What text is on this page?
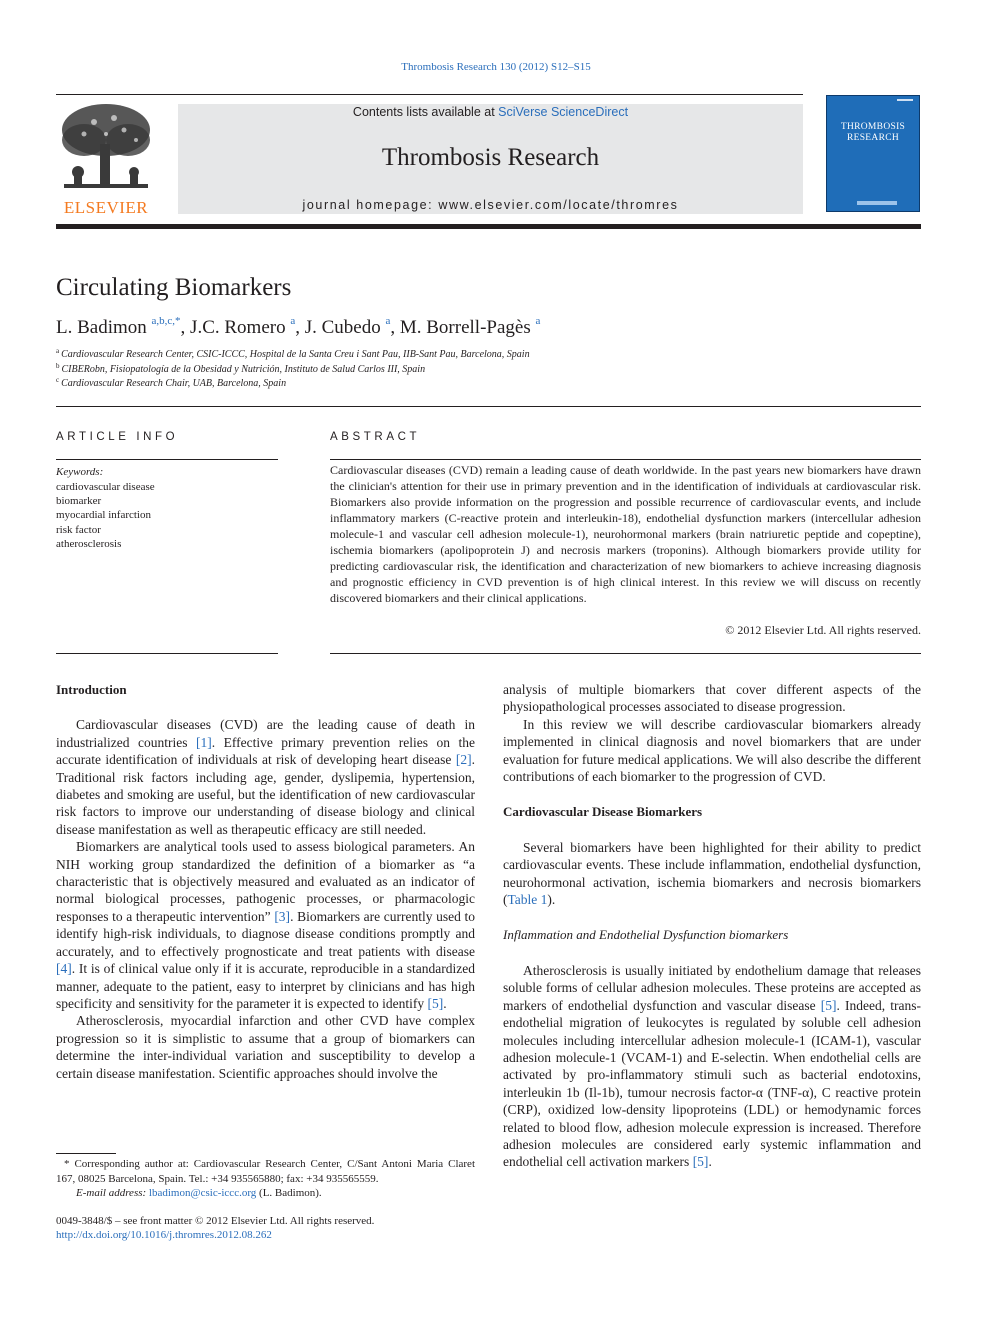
Thrombosis Research 130 (2012) S12–S15
ELSEVIER
Contents lists available at SciVerse ScienceDirect
Thrombosis Research
journal homepage: www.elsevier.com/locate/thromres
THROMBOSIS RESEARCH
Circulating Biomarkers
L. Badimon $^{a,b,c,*}$, J.C. Romero $^a$, J. Cubedo $^a$, M. Borrell-Pagès $^a$
$^a$ Cardiovascular Research Center, CSIC-ICCC, Hospital de la Santa Creu i Sant Pau, IIB-Sant Pau, Barcelona, Spain
$^b$ CIBERobn, Fisiopatología de la Obesidad y Nutrición, Instituto de Salud Carlos III, Spain
$^c$ Cardiovascular Research Chair, UAB, Barcelona, Spain
ARTICLE INFO
Keywords:
cardiovascular disease
biomarker
myocardial infarction
risk factor
atherosclerosis
ABSTRACT
Cardiovascular diseases (CVD) remain a leading cause of death worldwide. In the past years new biomarkers have drawn the clinician's attention for their use in primary prevention and in the identification of individuals at cardiovascular risk. Biomarkers also provide information on the progression and possible recurrence of cardiovascular events, and include inflammatory markers (C-reactive protein and interleukin-18), endothelial dysfunction markers (intercellular adhesion molecule-1 and vascular cell adhesion molecule-1), neurohormonal markers (brain natriuretic peptide and copeptine), ischemia biomarkers (apolipoprotein J) and necrosis markers (troponins). Although biomarkers provide utility for predicting cardiovascular risk, the identification and characterization of new biomarkers to achieve increasing diagnosis and prognostic efficiency in CVD prevention is of high clinical interest. In this review we will discuss on recently discovered biomarkers and their clinical applications.
© 2012 Elsevier Ltd. All rights reserved.

Introduction

Cardiovascular diseases (CVD) are the leading cause of death in industrialized countries [1]. Effective primary prevention relies on the accurate identification of individuals at risk of developing heart disease [2]. Traditional risk factors including age, gender, dyslipemia, hypertension, diabetes and smoking are useful, but the identification of new cardiovascular risk factors to improve our understanding of disease biology and clinical disease manifestation as well as therapeutic efficacy are still needed.

Biomarkers are analytical tools used to assess biological parameters. An NIH working group standardized the definition of a biomarker as “a characteristic that is objectively measured and evaluated as an indicator of normal biological processes, pathogenic processes, or pharmacologic responses to a therapeutic intervention” [3]. Biomarkers are currently used to identify high-risk individuals, to diagnose disease conditions promptly and accurately, and to effectively prognosticate and treat patients with disease [4]. It is of clinical value only if it is accurate, reproducible in a standardized manner, adequate to the patient, easy to interpret by clinicians and has high specificity and sensitivity for the parameter it is expected to identify [5].

Atherosclerosis, myocardial infarction and other CVD have complex progression so it is simplistic to assume that a group of biomarkers can determine the inter-individual variation and susceptibility to develop a certain disease manifestation. Scientific approaches should involve the

* Corresponding author at: Cardiovascular Research Center, C/Sant Antoni Maria Claret 167, 08025 Barcelona, Spain. Tel.: +34 935565880; fax: +34 935565559.
E-mail address: lbadimon@csic-iccc.org (L. Badimon).
0049-3848/$ – see front matter © 2012 Elsevier Ltd. All rights reserved.
http://dx.doi.org/10.1016/j.thromres.2012.08.262

analysis of multiple biomarkers that cover different aspects of the physiopathological processes associated to disease progression.

In this review we will describe cardiovascular biomarkers already implemented in clinical diagnosis and novel biomarkers that are under evaluation for future medical applications. We will also describe the different contributions of each biomarker to the progression of CVD.

Cardiovascular Disease Biomarkers

Several biomarkers have been highlighted for their ability to predict cardiovascular events. These include inflammation, endothelial dysfunction, neurohormonal activation, ischemia biomarkers and necrosis biomarkers (Table 1).

Inflammation and Endothelial Dysfunction biomarkers

Atherosclerosis is usually initiated by endothelium damage that releases soluble forms of cellular adhesion molecules. These proteins are accepted as markers of endothelial dysfunction and vascular disease [5]. Indeed, trans-endothelial migration of leukocytes is regulated by soluble cell adhesion molecules including intercellular adhesion molecule-1 (ICAM-1), vascular adhesion molecule-1 (VCAM-1) and E-selectin. When endothelial cells are activated by pro-inflammatory stimuli such as bacterial endotoxins, interleukin 1b (Il-1b), tumour necrosis factor-α (TNF-α), C reactive protein (CRP), oxidized low-density lipoproteins (LDL) or hemodynamic forces related to blood flow, adhesion molecule expression is increased. Therefore adhesion molecules are considered early systemic inflammation and endothelial cell activation markers [5].
